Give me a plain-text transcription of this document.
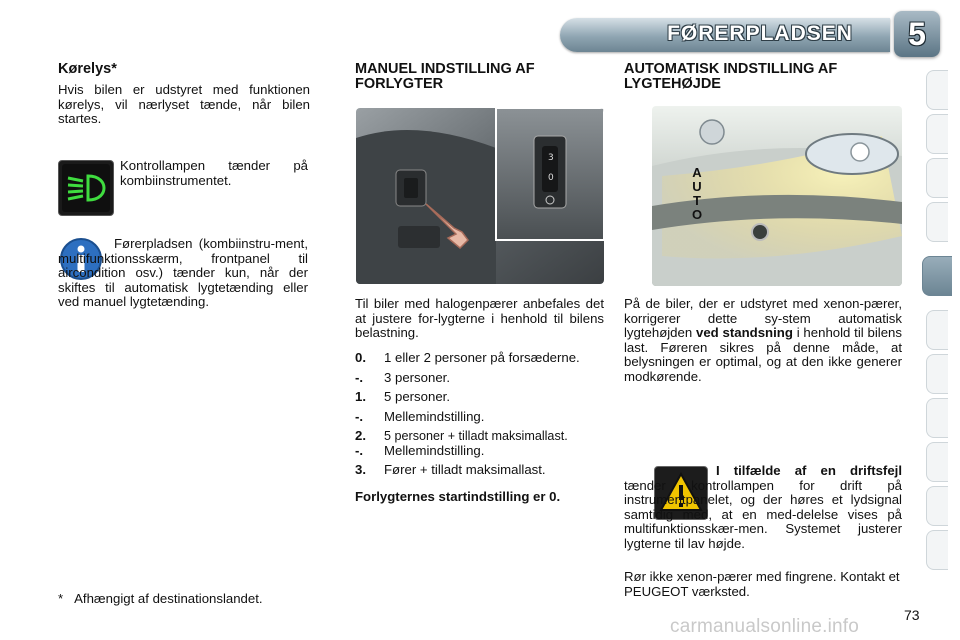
FØRERPLADSEN	5
Kørelys*

Hvis bilen er udstyret med funktionen kørelys, vil nærlyset tænde, når bilen startes.

Kontrollampen tænder på kombiinstrumentet.
Førerpladsen (kombiinstru-ment, multifunktionsskærm, frontpanel til aircondition osv.) tænder kun, når der skiftes til automatisk lygtetænding eller ved manuel lygtetænding.
* Afhængigt af destinationslandet.
MANUEL INDSTILLING AF FORLYGTER
3
0
Til biler med halogenpærer anbefales det at justere for-lygterne i henhold til bilens belastning.
0. 1 eller 2 personer på forsæderne.
-. 3 personer.
1. 5 personer.
-. Mellemindstilling.
2. 5 personer + tilladt maksimallast.
-. Mellemindstilling.
3. Fører + tilladt maksimallast.
Forlygternes startindstilling er 0.
AUTOMATISK INDSTILLING AF LYGTEHØJDE
AUTO
På de biler, der er udstyret med xenon-pærer, korrigerer dette sy-stem automatisk lygtehøjden ved standsning i henhold til bilens last. Føreren sikres på denne måde, at belysningen er optimal, og at den ikke generer modkørende.
I tilfælde af en driftsfejl tænder kontrollampen for drift på instrumentpanelet, og der høres et lydsignal samtidig med, at en med-delelse vises på multifunktionsskær-men. Systemet justerer lygterne til lav højde.
Rør ikke xenon-pærer med fingrene. Kontakt et PEUGEOT værksted.
73
carmanualsonline.info
